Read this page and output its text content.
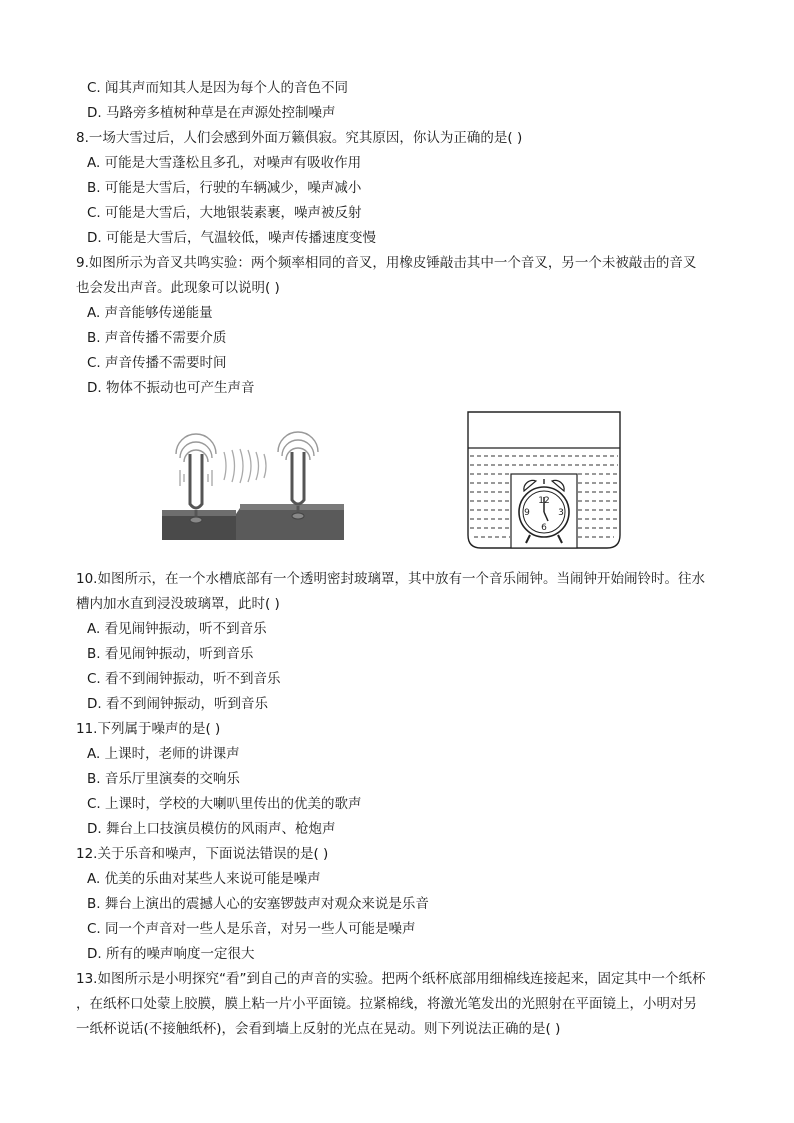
C. 闻其声而知其人是因为每个人的音色不同
D. 马路旁多植树种草是在声源处控制噪声
8.一场大雪过后，人们会感到外面万籁俱寂。究其原因，你认为正确的是( )
A. 可能是大雪蓬松且多孔，对噪声有吸收作用
B. 可能是大雪后，行驶的车辆减少，噪声减小
C. 可能是大雪后，大地银装素裹，噪声被反射
D. 可能是大雪后，气温较低，噪声传播速度变慢
9.如图所示为音叉共鸣实验：两个频率相同的音叉，用橡皮锤敲击其中一个音叉，另一个未被敲击的音叉
也会发出声音。此现象可以说明( )
A. 声音能够传递能量
B. 声音传播不需要介质
C. 声音传播不需要时间
D. 物体不振动也可产生声音
12
3
6
9
10.如图所示，在一个水槽底部有一个透明密封玻璃罩，其中放有一个音乐闹钟。当闹钟开始闹铃时。往水
槽内加水直到浸没玻璃罩，此时( )
A. 看见闹钟振动，听不到音乐
B. 看见闹钟振动，听到音乐
C. 看不到闹钟振动，听不到音乐
D. 看不到闹钟振动，听到音乐
11.下列属于噪声的是( )
A. 上课时，老师的讲课声
B. 音乐厅里演奏的交响乐
C. 上课时，学校的大喇叭里传出的优美的歌声
D. 舞台上口技演员模仿的风雨声、枪炮声
12.关于乐音和噪声，下面说法错误的是( )
A. 优美的乐曲对某些人来说可能是噪声
B. 舞台上演出的震撼人心的安塞锣鼓声对观众来说是乐音
C. 同一个声音对一些人是乐音，对另一些人可能是噪声
D. 所有的噪声响度一定很大
13.如图所示是小明探究“看”到自己的声音的实验。把两个纸杯底部用细棉线连接起来，固定其中一个纸杯
，在纸杯口处蒙上胶膜，膜上粘一片小平面镜。拉紧棉线，将激光笔发出的光照射在平面镜上，小明对另
一纸杯说话(不接触纸杯)，会看到墙上反射的光点在晃动。则下列说法正确的是( )
